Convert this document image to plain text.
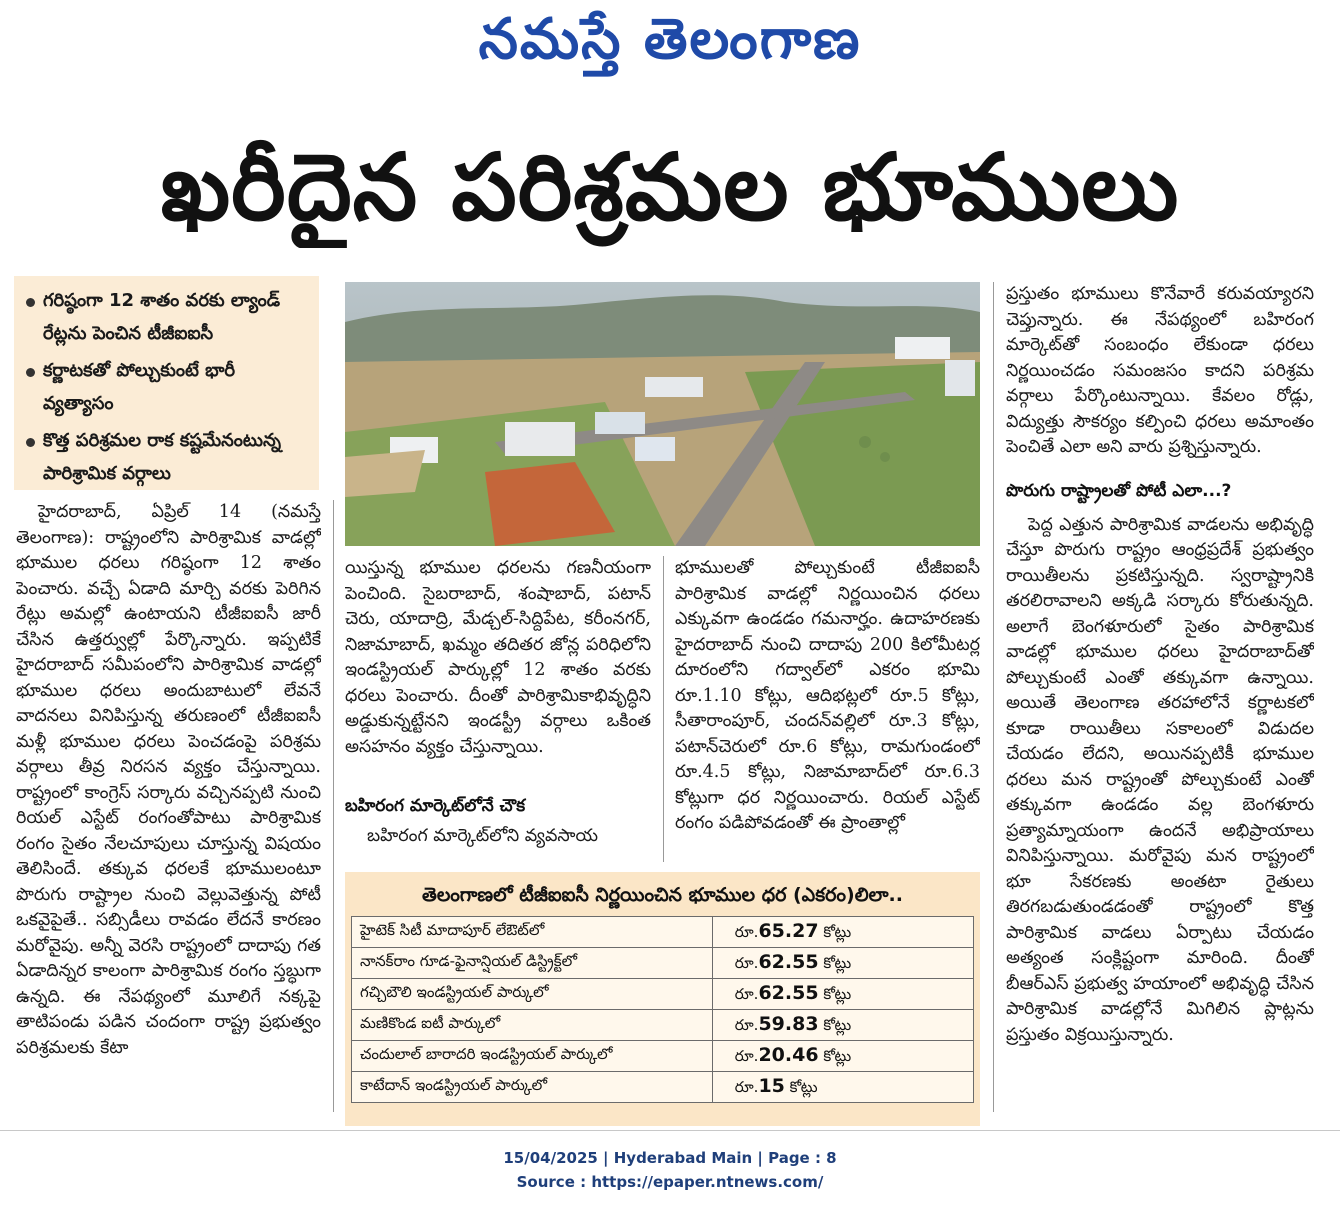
నమస్తే తెలంగాణ
ఖరీదైన పరిశ్రమల భూములు
గరిష్ఠంగా 12 శాతం వరకు ల్యాండ్ రేట్లను పెంచిన టీజీఐఐసీ
కర్ణాటకతో పోల్చుకుంటే భారీ వ్యత్యాసం
కొత్త పరిశ్రమల రాక కష్టమేనంటున్న పారిశ్రామిక వర్గాలు

హైదరాబాద్, ఏప్రిల్ 14 (నమస్తే తెలంగాణ): రాష్ట్రంలోని పారిశ్రామిక వాడల్లో భూముల ధరలు గరిష్ఠంగా 12 శాతం పెంచారు. వచ్చే ఏడాది మార్చి వరకు పెరిగిన రేట్లు అమల్లో ఉంటాయని టీజీఐఐసీ జారీ చేసిన ఉత్తర్వుల్లో పేర్కొన్నారు. ఇప్పటికే హైదరాబాద్ సమీపంలోని పారిశ్రామిక వాడల్లో భూముల ధరలు అందుబాటులో లేవనే వాదనలు వినిపిస్తున్న తరుణంలో టీజీఐఐసీ మళ్లీ భూముల ధరలు పెంచడంపై పరిశ్రమ వర్గాలు తీవ్ర నిరసన వ్యక్తం చేస్తున్నాయి. రాష్ట్రంలో కాంగ్రెస్ సర్కారు వచ్చినప్పటి నుంచి రియల్ ఎస్టేట్ రంగంతోపాటు పారిశ్రామిక రంగం సైతం నేలచూపులు చూస్తున్న విషయం తెలిసిందే. తక్కువ ధరలకే భూములంటూ పొరుగు రాష్ట్రాల నుంచి వెల్లువెత్తున్న పోటీ ఒకవైపైతే.. సబ్సిడీలు రావడం లేదనే కారణం మరోవైపు. అన్నీ వెరసి రాష్ట్రంలో దాదాపు గత ఏడాదిన్నర కాలంగా పారిశ్రామిక రంగం స్తబ్ధుగా ఉన్నది. ఈ నేపథ్యంలో మూలిగే నక్కపై తాటిపండు పడిన చందంగా రాష్ట్ర ప్రభుత్వం పరిశ్రమలకు కేటా

యిస్తున్న భూముల ధరలను గణనీయంగా పెంచింది. సైబరాబాద్, శంషాబాద్, పటాన్ చెరు, యాదాద్రి, మేడ్చల్-సిద్దిపేట, కరీంనగర్, నిజామాబాద్, ఖమ్మం తదితర జోన్ల పరిధిలోని ఇండస్ట్రియల్ పార్కుల్లో 12 శాతం వరకు ధరలు పెంచారు. దీంతో పారిశ్రామికాభివృద్ధిని అడ్డుకున్నట్టేనని ఇండస్ట్రీ వర్గాలు ఒకింత అసహనం వ్యక్తం చేస్తున్నాయి.

బహిరంగ మార్కెట్‌లోనే చౌక

బహిరంగ మార్కెట్‌లోని వ్యవసాయ

భూములతో పోల్చుకుంటే టీజీఐఐసీ పారిశ్రామిక వాడల్లో నిర్ణయించిన ధరలు ఎక్కువగా ఉండడం గమనార్హం. ఉదాహరణకు హైదరాబాద్ నుంచి దాదాపు 200 కిలోమీటర్ల దూరంలోని గద్వాల్‌లో ఎకరం భూమి రూ.1.10 కోట్లు, ఆదిభట్లలో రూ.5 కోట్లు, సీతారాంపూర్, చందన్‌వల్లిలో రూ.3 కోట్లు, పటాన్‌చెరులో రూ.6 కోట్లు, రామగుండంలో రూ.4.5 కోట్లు, నిజామాబాద్‌లో రూ.6.3 కోట్లుగా ధర నిర్ణయించారు. రియల్ ఎస్టేట్ రంగం పడిపోవడంతో ఈ ప్రాంతాల్లో

ప్రస్తుతం భూములు కొనేవారే కరువయ్యారని చెప్తున్నారు. ఈ నేపథ్యంలో బహిరంగ మార్కెట్‌తో సంబంధం లేకుండా ధరలు నిర్ణయించడం సమంజసం కాదని పరిశ్రమ వర్గాలు పేర్కొంటున్నాయి. కేవలం రోడ్లు, విద్యుత్తు సౌకర్యం కల్పించి ధరలు అమాంతం పెంచితే ఎలా అని వారు ప్రశ్నిస్తున్నారు.

పొరుగు రాష్ట్రాలతో పోటీ ఎలా...?

పెద్ద ఎత్తున పారిశ్రామిక వాడలను అభివృద్ధి చేస్తూ పొరుగు రాష్ట్రం ఆంధ్రప్రదేశ్ ప్రభుత్వం రాయితీలను ప్రకటిస్తున్నది. స్వరాష్ట్రానికి తరలిరావాలని అక్కడి సర్కారు కోరుతున్నది. అలాగే బెంగళూరులో సైతం పారిశ్రామిక వాడల్లో భూముల ధరలు హైదరాబాద్‌తో పోల్చుకుంటే ఎంతో తక్కువగా ఉన్నాయి. అయితే తెలంగాణ తరహాలోనే కర్ణాటకలో కూడా రాయితీలు సకాలంలో విడుదల చేయడం లేదని, అయినప్పటికీ భూముల ధరలు మన రాష్ట్రంతో పోల్చుకుంటే ఎంతో తక్కువగా ఉండడం వల్ల బెంగళూరు ప్రత్యామ్నాయంగా ఉందనే అభిప్రాయాలు వినిపిస్తున్నాయి. మరోవైపు మన రాష్ట్రంలో భూ సేకరణకు అంతటా రైతులు తిరగబడుతుండడంతో రాష్ట్రంలో కొత్త పారిశ్రామిక వాడలు ఏర్పాటు చేయడం అత్యంత సంక్లిష్టంగా మారింది. దీంతో బీఆర్ఎస్ ప్రభుత్వ హయాంలో అభివృద్ధి చేసిన పారిశ్రామిక వాడల్లోనే మిగిలిన ప్లాట్లను ప్రస్తుతం విక్రయిస్తున్నారు.

తెలంగాణలో టీజీఐఐసీ నిర్ణయించిన భూముల ధర (ఎకరం)లిలా..
హైటెక్ సిటీ మాదాపూర్ లేఔట్‌లో	రూ.65.27 కోట్లు
నానక్‌రాం గూడ-ఫైనాన్షియల్ డిస్ట్రిక్ట్‌లో	రూ.62.55 కోట్లు
గచ్చిబౌలి ఇండస్ట్రియల్ పార్కులో	రూ.62.55 కోట్లు
మణికొండ ఐటీ పార్కులో	రూ.59.83 కోట్లు
చందులాల్ బారాదరి ఇండస్ట్రియల్ పార్కులో	రూ.20.46 కోట్లు
కాటేదాన్ ఇండస్ట్రియల్ పార్కులో	రూ.15 కోట్లు
15/04/2025 | Hyderabad Main | Page : 8
Source : https://epaper.ntnews.com/
